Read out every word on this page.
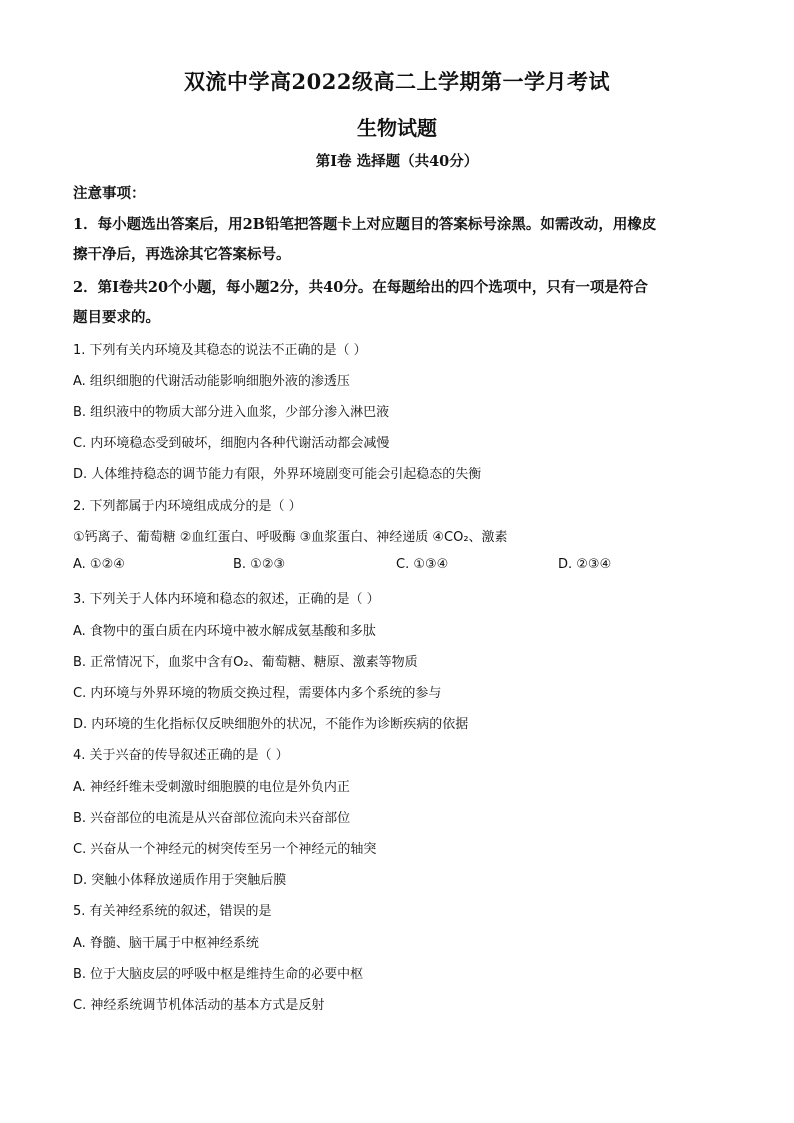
双流中学高2022级高二上学期第一学月考试
生物试题
第I卷 选择题（共40分）
注意事项：
1．每小题选出答案后，用2B铅笔把答题卡上对应题目的答案标号涂黑。如需改动，用橡皮
擦干净后，再选涂其它答案标号。
2．第I卷共20个小题，每小题2分，共40分。在每题给出的四个选项中，只有一项是符合
题目要求的。
1. 下列有关内环境及其稳态的说法不正确的是（ ）
A. 组织细胞的代谢活动能影响细胞外液的渗透压
B. 组织液中的物质大部分进入血浆，少部分渗入淋巴液
C. 内环境稳态受到破坏，细胞内各种代谢活动都会减慢
D. 人体维持稳态的调节能力有限，外界环境剧变可能会引起稳态的失衡
2. 下列都属于内环境组成成分的是（ ）
①钙离子、葡萄糖 ②血红蛋白、呼吸酶 ③血浆蛋白、神经递质 ④CO₂、激素
A. ①②④	B. ①②③	C. ①③④	D. ②③④
3. 下列关于人体内环境和稳态的叙述，正确的是（ ）
A. 食物中的蛋白质在内环境中被水解成氨基酸和多肽
B. 正常情况下，血浆中含有O₂、葡萄糖、糖原、激素等物质
C. 内环境与外界环境的物质交换过程，需要体内多个系统的参与
D. 内环境的生化指标仅反映细胞外的状况，不能作为诊断疾病的依据
4. 关于兴奋的传导叙述正确的是（ ）
A. 神经纤维未受刺激时细胞膜的电位是外负内正
B. 兴奋部位的电流是从兴奋部位流向未兴奋部位
C. 兴奋从一个神经元的树突传至另一个神经元的轴突
D. 突触小体释放递质作用于突触后膜
5. 有关神经系统的叙述，错误的是
A. 脊髓、脑干属于中枢神经系统
B. 位于大脑皮层的呼吸中枢是维持生命的必要中枢
C. 神经系统调节机体活动的基本方式是反射
